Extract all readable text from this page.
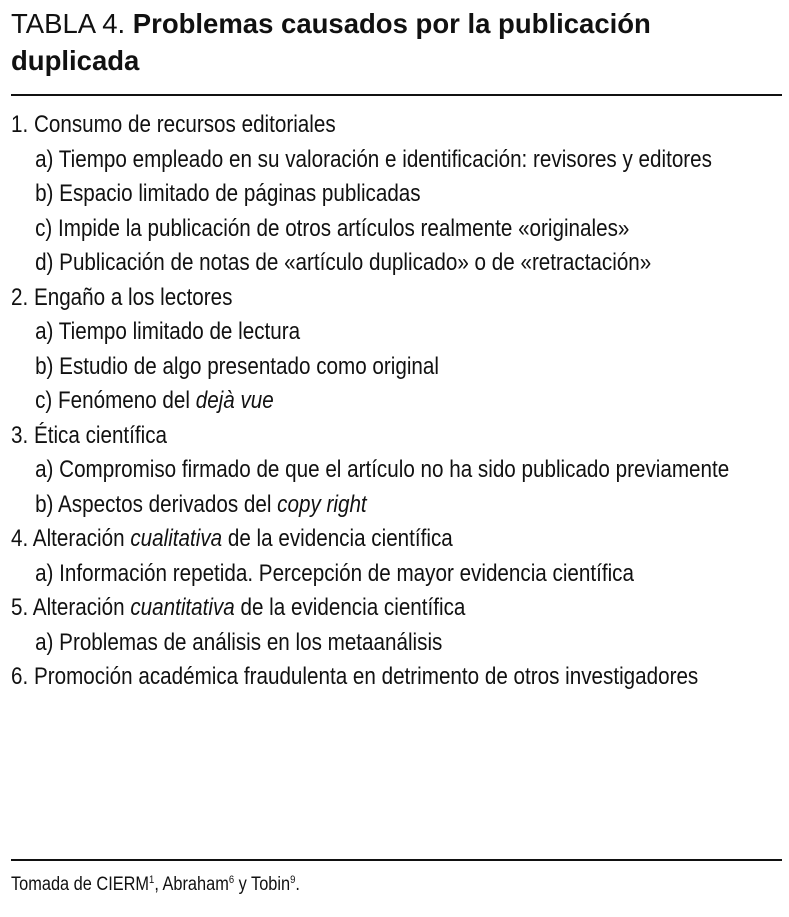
TABLA 4. Problemas causados por la publicación duplicada

1. Consumo de recursos editoriales

a) Tiempo empleado en su valoración e identificación: revisores y editores

b) Espacio limitado de páginas publicadas

c) Impide la publicación de otros artículos realmente «originales»

d) Publicación de notas de «artículo duplicado» o de «retractación»

2. Engaño a los lectores

a) Tiempo limitado de lectura

b) Estudio de algo presentado como original

c) Fenómeno del dejà vue

3. Ética científica

a) Compromiso firmado de que el artículo no ha sido publicado previamente

b) Aspectos derivados del copy right

4. Alteración cualitativa de la evidencia científica

a) Información repetida. Percepción de mayor evidencia científica

5. Alteración cuantitativa de la evidencia científica

a) Problemas de análisis en los metaanálisis

6. Promoción académica fraudulenta en detrimento de otros investigadores

Tomada de CIERM$^1$, Abraham$^6$ y Tobin$^9$.
